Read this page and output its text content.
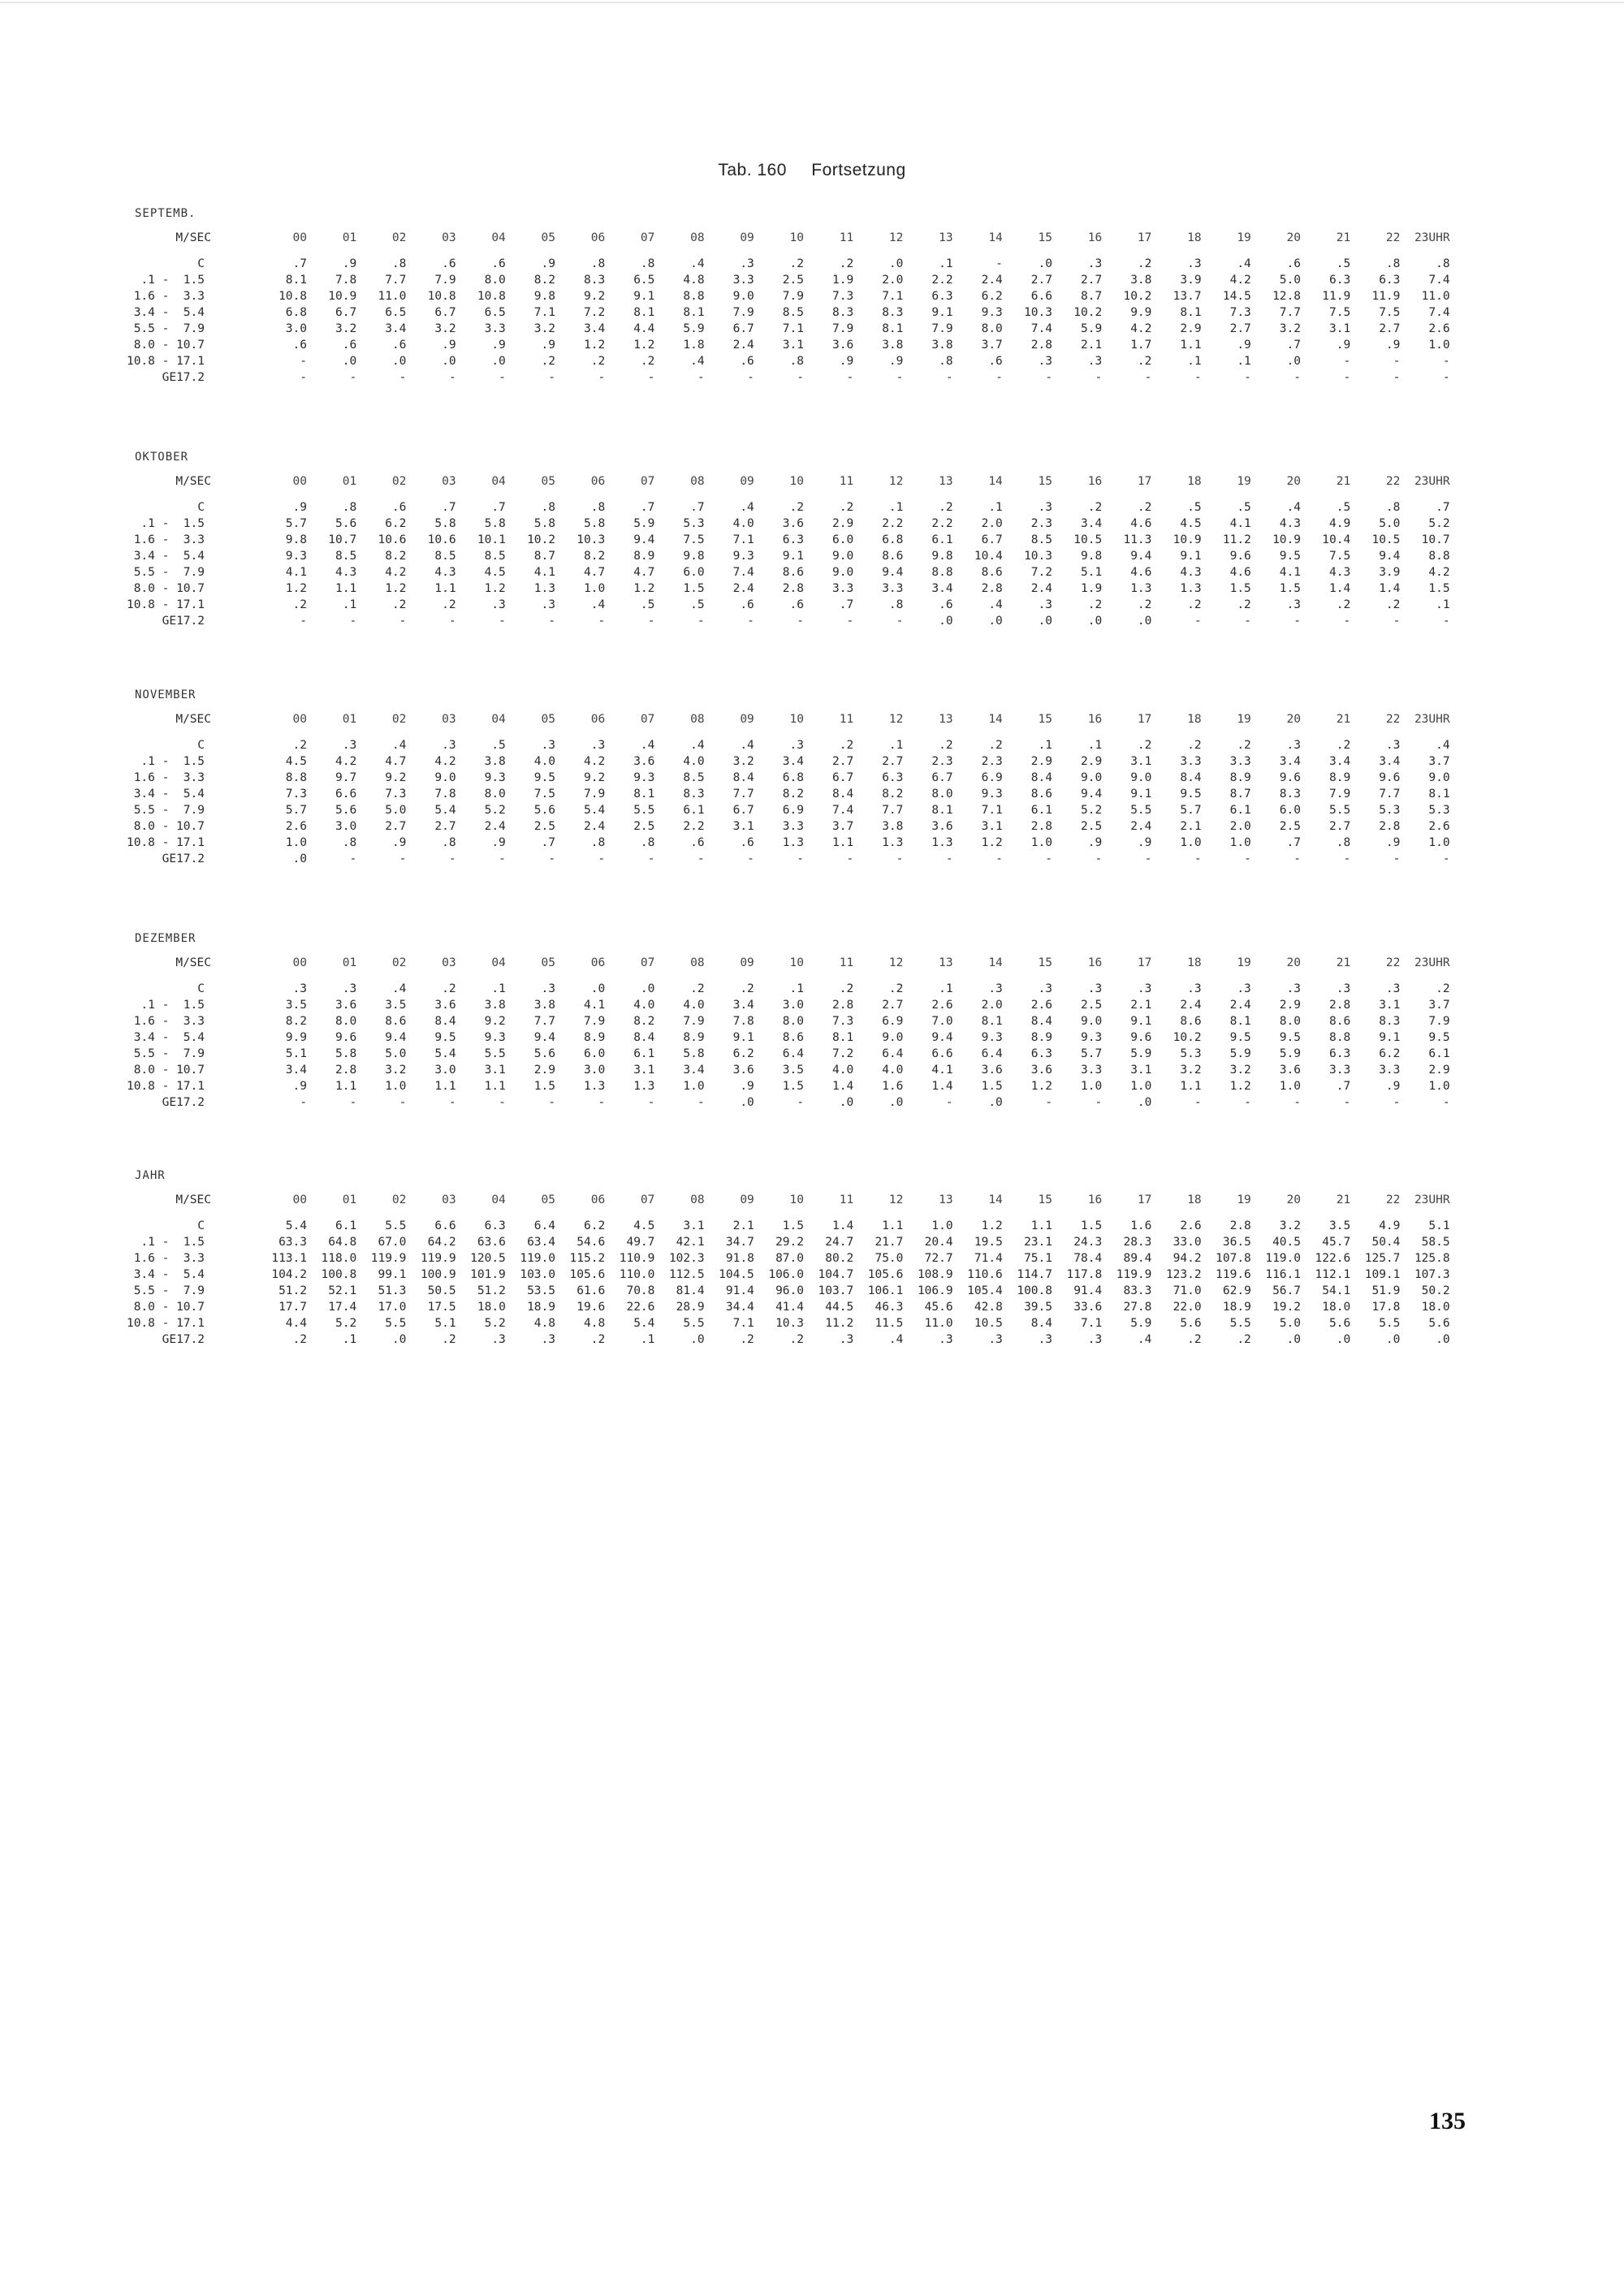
Tab. 160 Fortsetzung
SEPTEMB.
M/SEC	00	01	02	03	04	05	06	07	08	09	10	11	12	13	14	15	16	17	18	19	20	21	22	23UHR
C	.7	.9	.8	.6	.6	.9	.8	.8	.4	.3	.2	.2	.0	.1	-	.0	.3	.2	.3	.4	.6	.5	.8	.8
.1 -  1.5	8.1	7.8	7.7	7.9	8.0	8.2	8.3	6.5	4.8	3.3	2.5	1.9	2.0	2.2	2.4	2.7	2.7	3.8	3.9	4.2	5.0	6.3	6.3	7.4
1.6 -  3.3	10.8	10.9	11.0	10.8	10.8	9.8	9.2	9.1	8.8	9.0	7.9	7.3	7.1	6.3	6.2	6.6	8.7	10.2	13.7	14.5	12.8	11.9	11.9	11.0
3.4 -  5.4	6.8	6.7	6.5	6.7	6.5	7.1	7.2	8.1	8.1	7.9	8.5	8.3	8.3	9.1	9.3	10.3	10.2	9.9	8.1	7.3	7.7	7.5	7.5	7.4
5.5 -  7.9	3.0	3.2	3.4	3.2	3.3	3.2	3.4	4.4	5.9	6.7	7.1	7.9	8.1	7.9	8.0	7.4	5.9	4.2	2.9	2.7	3.2	3.1	2.7	2.6
8.0 - 10.7	.6	.6	.6	.9	.9	.9	1.2	1.2	1.8	2.4	3.1	3.6	3.8	3.8	3.7	2.8	2.1	1.7	1.1	.9	.7	.9	.9	1.0
10.8 - 17.1	-	.0	.0	.0	.0	.2	.2	.2	.4	.6	.8	.9	.9	.8	.6	.3	.3	.2	.1	.1	.0	-	-	-
GE17.2	-	-	-	-	-	-	-	-	-	-	-	-	-	-	-	-	-	-	-	-	-	-	-	-
OKTOBER
M/SEC	00	01	02	03	04	05	06	07	08	09	10	11	12	13	14	15	16	17	18	19	20	21	22	23UHR
C	.9	.8	.6	.7	.7	.8	.8	.7	.7	.4	.2	.2	.1	.2	.1	.3	.2	.2	.5	.5	.4	.5	.8	.7
.1 -  1.5	5.7	5.6	6.2	5.8	5.8	5.8	5.8	5.9	5.3	4.0	3.6	2.9	2.2	2.2	2.0	2.3	3.4	4.6	4.5	4.1	4.3	4.9	5.0	5.2
1.6 -  3.3	9.8	10.7	10.6	10.6	10.1	10.2	10.3	9.4	7.5	7.1	6.3	6.0	6.8	6.1	6.7	8.5	10.5	11.3	10.9	11.2	10.9	10.4	10.5	10.7
3.4 -  5.4	9.3	8.5	8.2	8.5	8.5	8.7	8.2	8.9	9.8	9.3	9.1	9.0	8.6	9.8	10.4	10.3	9.8	9.4	9.1	9.6	9.5	7.5	9.4	8.8
5.5 -  7.9	4.1	4.3	4.2	4.3	4.5	4.1	4.7	4.7	6.0	7.4	8.6	9.0	9.4	8.8	8.6	7.2	5.1	4.6	4.3	4.6	4.1	4.3	3.9	4.2
8.0 - 10.7	1.2	1.1	1.2	1.1	1.2	1.3	1.0	1.2	1.5	2.4	2.8	3.3	3.3	3.4	2.8	2.4	1.9	1.3	1.3	1.5	1.5	1.4	1.4	1.5
10.8 - 17.1	.2	.1	.2	.2	.3	.3	.4	.5	.5	.6	.6	.7	.8	.6	.4	.3	.2	.2	.2	.2	.3	.2	.2	.1
GE17.2	-	-	-	-	-	-	-	-	-	-	-	-	-	.0	.0	.0	.0	.0	-	-	-	-	-	-
NOVEMBER
M/SEC	00	01	02	03	04	05	06	07	08	09	10	11	12	13	14	15	16	17	18	19	20	21	22	23UHR
C	.2	.3	.4	.3	.5	.3	.3	.4	.4	.4	.3	.2	.1	.2	.2	.1	.1	.2	.2	.2	.3	.2	.3	.4
.1 -  1.5	4.5	4.2	4.7	4.2	3.8	4.0	4.2	3.6	4.0	3.2	3.4	2.7	2.7	2.3	2.3	2.9	2.9	3.1	3.3	3.3	3.4	3.4	3.4	3.7
1.6 -  3.3	8.8	9.7	9.2	9.0	9.3	9.5	9.2	9.3	8.5	8.4	6.8	6.7	6.3	6.7	6.9	8.4	9.0	9.0	8.4	8.9	9.6	8.9	9.6	9.0
3.4 -  5.4	7.3	6.6	7.3	7.8	8.0	7.5	7.9	8.1	8.3	7.7	8.2	8.4	8.2	8.0	9.3	8.6	9.4	9.1	9.5	8.7	8.3	7.9	7.7	8.1
5.5 -  7.9	5.7	5.6	5.0	5.4	5.2	5.6	5.4	5.5	6.1	6.7	6.9	7.4	7.7	8.1	7.1	6.1	5.2	5.5	5.7	6.1	6.0	5.5	5.3	5.3
8.0 - 10.7	2.6	3.0	2.7	2.7	2.4	2.5	2.4	2.5	2.2	3.1	3.3	3.7	3.8	3.6	3.1	2.8	2.5	2.4	2.1	2.0	2.5	2.7	2.8	2.6
10.8 - 17.1	1.0	.8	.9	.8	.9	.7	.8	.8	.6	.6	1.3	1.1	1.3	1.3	1.2	1.0	.9	.9	1.0	1.0	.7	.8	.9	1.0
GE17.2	.0	-	-	-	-	-	-	-	-	-	-	-	-	-	-	-	-	-	-	-	-	-	-	-
DEZEMBER
M/SEC	00	01	02	03	04	05	06	07	08	09	10	11	12	13	14	15	16	17	18	19	20	21	22	23UHR
C	.3	.3	.4	.2	.1	.3	.0	.0	.2	.2	.1	.2	.2	.1	.3	.3	.3	.3	.3	.3	.3	.3	.3	.2
.1 -  1.5	3.5	3.6	3.5	3.6	3.8	3.8	4.1	4.0	4.0	3.4	3.0	2.8	2.7	2.6	2.0	2.6	2.5	2.1	2.4	2.4	2.9	2.8	3.1	3.7
1.6 -  3.3	8.2	8.0	8.6	8.4	9.2	7.7	7.9	8.2	7.9	7.8	8.0	7.3	6.9	7.0	8.1	8.4	9.0	9.1	8.6	8.1	8.0	8.6	8.3	7.9
3.4 -  5.4	9.9	9.6	9.4	9.5	9.3	9.4	8.9	8.4	8.9	9.1	8.6	8.1	9.0	9.4	9.3	8.9	9.3	9.6	10.2	9.5	9.5	8.8	9.1	9.5
5.5 -  7.9	5.1	5.8	5.0	5.4	5.5	5.6	6.0	6.1	5.8	6.2	6.4	7.2	6.4	6.6	6.4	6.3	5.7	5.9	5.3	5.9	5.9	6.3	6.2	6.1
8.0 - 10.7	3.4	2.8	3.2	3.0	3.1	2.9	3.0	3.1	3.4	3.6	3.5	4.0	4.0	4.1	3.6	3.6	3.3	3.1	3.2	3.2	3.6	3.3	3.3	2.9
10.8 - 17.1	.9	1.1	1.0	1.1	1.1	1.5	1.3	1.3	1.0	.9	1.5	1.4	1.6	1.4	1.5	1.2	1.0	1.0	1.1	1.2	1.0	.7	.9	1.0
GE17.2	-	-	-	-	-	-	-	-	-	.0	-	.0	.0	-	.0	-	-	.0	-	-	-	-	-	-
JAHR
M/SEC	00	01	02	03	04	05	06	07	08	09	10	11	12	13	14	15	16	17	18	19	20	21	22	23UHR
C	5.4	6.1	5.5	6.6	6.3	6.4	6.2	4.5	3.1	2.1	1.5	1.4	1.1	1.0	1.2	1.1	1.5	1.6	2.6	2.8	3.2	3.5	4.9	5.1
.1 -  1.5	63.3	64.8	67.0	64.2	63.6	63.4	54.6	49.7	42.1	34.7	29.2	24.7	21.7	20.4	19.5	23.1	24.3	28.3	33.0	36.5	40.5	45.7	50.4	58.5
1.6 -  3.3	113.1	118.0	119.9	119.9	120.5	119.0	115.2	110.9	102.3	91.8	87.0	80.2	75.0	72.7	71.4	75.1	78.4	89.4	94.2	107.8	119.0	122.6	125.7	125.8
3.4 -  5.4	104.2	100.8	99.1	100.9	101.9	103.0	105.6	110.0	112.5	104.5	106.0	104.7	105.6	108.9	110.6	114.7	117.8	119.9	123.2	119.6	116.1	112.1	109.1	107.3
5.5 -  7.9	51.2	52.1	51.3	50.5	51.2	53.5	61.6	70.8	81.4	91.4	96.0	103.7	106.1	106.9	105.4	100.8	91.4	83.3	71.0	62.9	56.7	54.1	51.9	50.2
8.0 - 10.7	17.7	17.4	17.0	17.5	18.0	18.9	19.6	22.6	28.9	34.4	41.4	44.5	46.3	45.6	42.8	39.5	33.6	27.8	22.0	18.9	19.2	18.0	17.8	18.0
10.8 - 17.1	4.4	5.2	5.5	5.1	5.2	4.8	4.8	5.4	5.5	7.1	10.3	11.2	11.5	11.0	10.5	8.4	7.1	5.9	5.6	5.5	5.0	5.6	5.5	5.6
GE17.2	.2	.1	.0	.2	.3	.3	.2	.1	.0	.2	.2	.3	.4	.3	.3	.3	.3	.4	.2	.2	.0	.0	.0	.0
135
